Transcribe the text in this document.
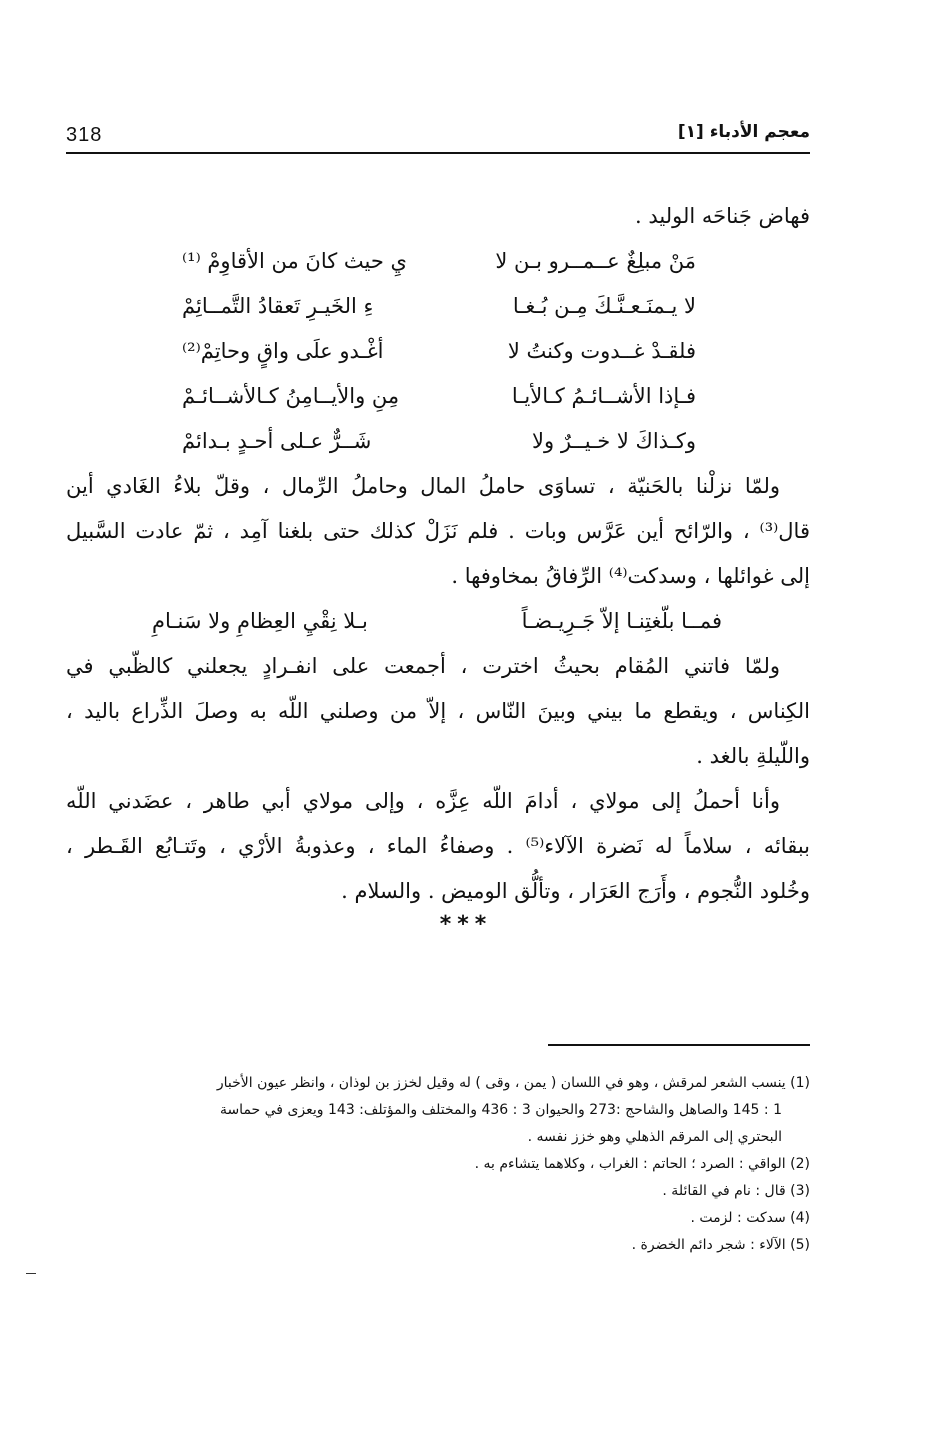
318	معجم الأدباء [١]
فهاض جَناحَه الوليد .
مَنْ مبلِغٌ عــمــرو بـن لا
يِ حيث كانَ من الأقاوِمْ ⁽¹⁾
لا يـمنَـعـنَّـكَ مِـن بُـغـا
ءِ الخَيـرِ تَعقادُ التَّمــائِمْ
فلقـدْ غــدوت وكنتُ لا
أغْـدو علَى واقٍ وحاتِمْ⁽²⁾
فـإذا الأشــائـمُ كـالأيـا
مِنِ والأيــامِنُ كـالأشــائـمْ
وكـذاكَ لا خـيــرٌ ولا
شَــرٌّ عـلى أحـدٍ بـدائمْ
ولمّا نزلْنا بالحَنيّة ، تساوَى حاملُ المال وحاملُ الرِّمال ، وقلّ بلاءُ الغَادي أين
قال⁽³⁾ ، والرّائح أين عَرَّس وبات . فلم نَزَلْ كذلك حتى بلغنا آمِد ، ثمّ عادت السَّبيل
إلى غوائلها ، وسدكت⁽⁴⁾ الرِّفاقُ بمخاوفها .
فمــا بلّغتِنـا إلاّ جَـرِيـضـاً
بـلا نِقْيِ العِظامِ ولا سَنـامِ
ولمّا فاتني المُقام بحيثُ اخترت ، أجمعت على انفـرادٍ يجعلني كالظّبي في
الكِناس ، ويقطع ما بيني وبينَ النّاس ، إلاّ من وصلني اللّه به وصلَ الذِّراع باليد ،
واللّيلةِ بالغد .
وأنا أحملُ إلى مولاي ، أدامَ اللّه عِزَّه ، وإلى مولاي أبي طاهر ، عضَدني اللّه
ببقائه ، سلاماً له نَضرة الآلاء⁽⁵⁾ . وصفاءُ الماء ، وعذوبةُ الأرْي ، وتَتـابُع القَـطر ،
وخُلود النُّجوم ، وأَرَج العَرَار ، وتألُّق الوميض . والسلام .
***
(1) ينسب الشعر لمرقش ، وهو في اللسان ( يمن ، وقى ) له وقيل لخزز بن لوذان ، وانظر عيون الأخبار
1 : 145 والصاهل والشاحج :273 والحيوان 3 : 436 والمختلف والمؤتلف: 143 ويعزى في حماسة
البحتري إلى المرقم الذهلي وهو خزز نفسه .
(2) الواقي : الصرد ؛ الحاتم : الغراب ، وكلاهما يتشاءم به .
(3) قال : نام في القائلة .
(4) سدكت : لزمت .
(5) الآلاء : شجر دائم الخضرة .
